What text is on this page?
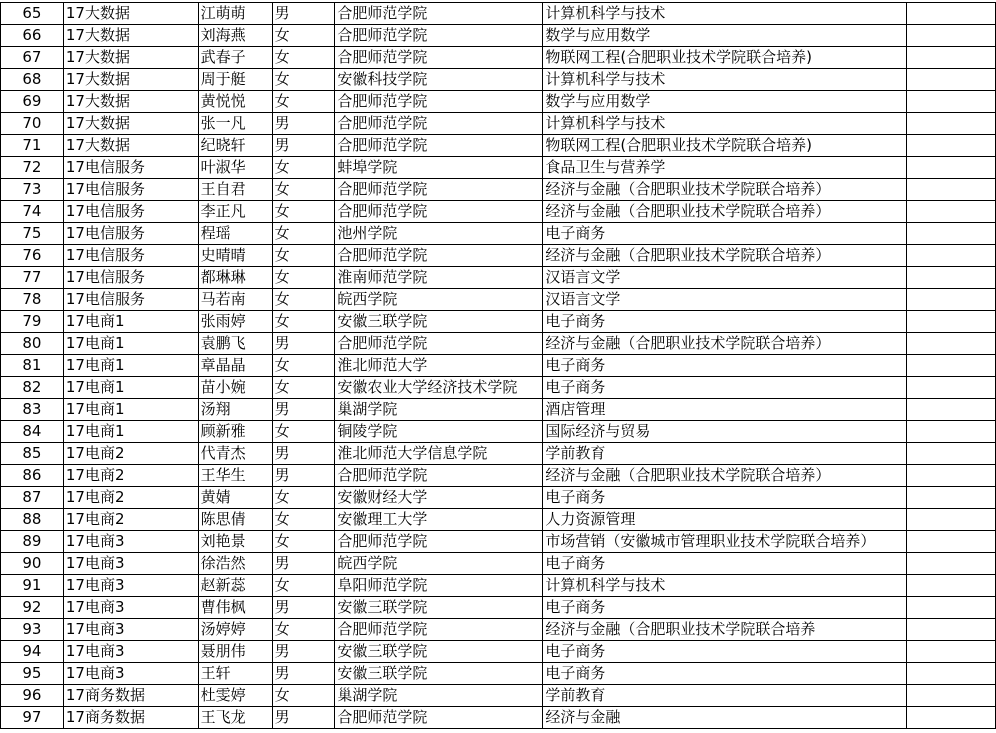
65	17大数据	江萌萌	男	合肥师范学院	计算机科学与技术	
66	17大数据	刘海燕	女	合肥师范学院	数学与应用数学	
67	17大数据	武春子	女	合肥师范学院	物联网工程(合肥职业技术学院联合培养)	
68	17大数据	周于艇	女	安徽科技学院	计算机科学与技术	
69	17大数据	黄悦悦	女	合肥师范学院	数学与应用数学	
70	17大数据	张一凡	男	合肥师范学院	计算机科学与技术	
71	17大数据	纪晓轩	男	合肥师范学院	物联网工程(合肥职业技术学院联合培养)	
72	17电信服务	叶淑华	女	蚌埠学院	食品卫生与营养学	
73	17电信服务	王自君	女	合肥师范学院	经济与金融（合肥职业技术学院联合培养）	
74	17电信服务	李正凡	女	合肥师范学院	经济与金融（合肥职业技术学院联合培养）	
75	17电信服务	程瑶	女	池州学院	电子商务	
76	17电信服务	史晴晴	女	合肥师范学院	经济与金融（合肥职业技术学院联合培养）	
77	17电信服务	都琳琳	女	淮南师范学院	汉语言文学	
78	17电信服务	马若南	女	皖西学院	汉语言文学	
79	17电商1	张雨婷	女	安徽三联学院	电子商务	
80	17电商1	袁鹏飞	男	合肥师范学院	经济与金融（合肥职业技术学院联合培养）	
81	17电商1	章晶晶	女	淮北师范大学	电子商务	
82	17电商1	苗小婉	女	安徽农业大学经济技术学院	电子商务	
83	17电商1	汤翔	男	巢湖学院	酒店管理	
84	17电商1	顾新雅	女	铜陵学院	国际经济与贸易	
85	17电商2	代青杰	男	淮北师范大学信息学院	学前教育	
86	17电商2	王华生	男	合肥师范学院	经济与金融（合肥职业技术学院联合培养）	
87	17电商2	黄婧	女	安徽财经大学	电子商务	
88	17电商2	陈思倩	女	安徽理工大学	人力资源管理	
89	17电商3	刘艳景	女	合肥师范学院	市场营销（安徽城市管理职业技术学院联合培养）	
90	17电商3	徐浩然	男	皖西学院	电子商务	
91	17电商3	赵新蕊	女	阜阳师范学院	计算机科学与技术	
92	17电商3	曹伟枫	男	安徽三联学院	电子商务	
93	17电商3	汤婷婷	女	合肥师范学院	经济与金融（合肥职业技术学院联合培养	
94	17电商3	聂朋伟	男	安徽三联学院	电子商务	
95	17电商3	王轩	男	安徽三联学院	电子商务	
96	17商务数据	杜雯婷	女	巢湖学院	学前教育	
97	17商务数据	王飞龙	男	合肥师范学院	经济与金融	
